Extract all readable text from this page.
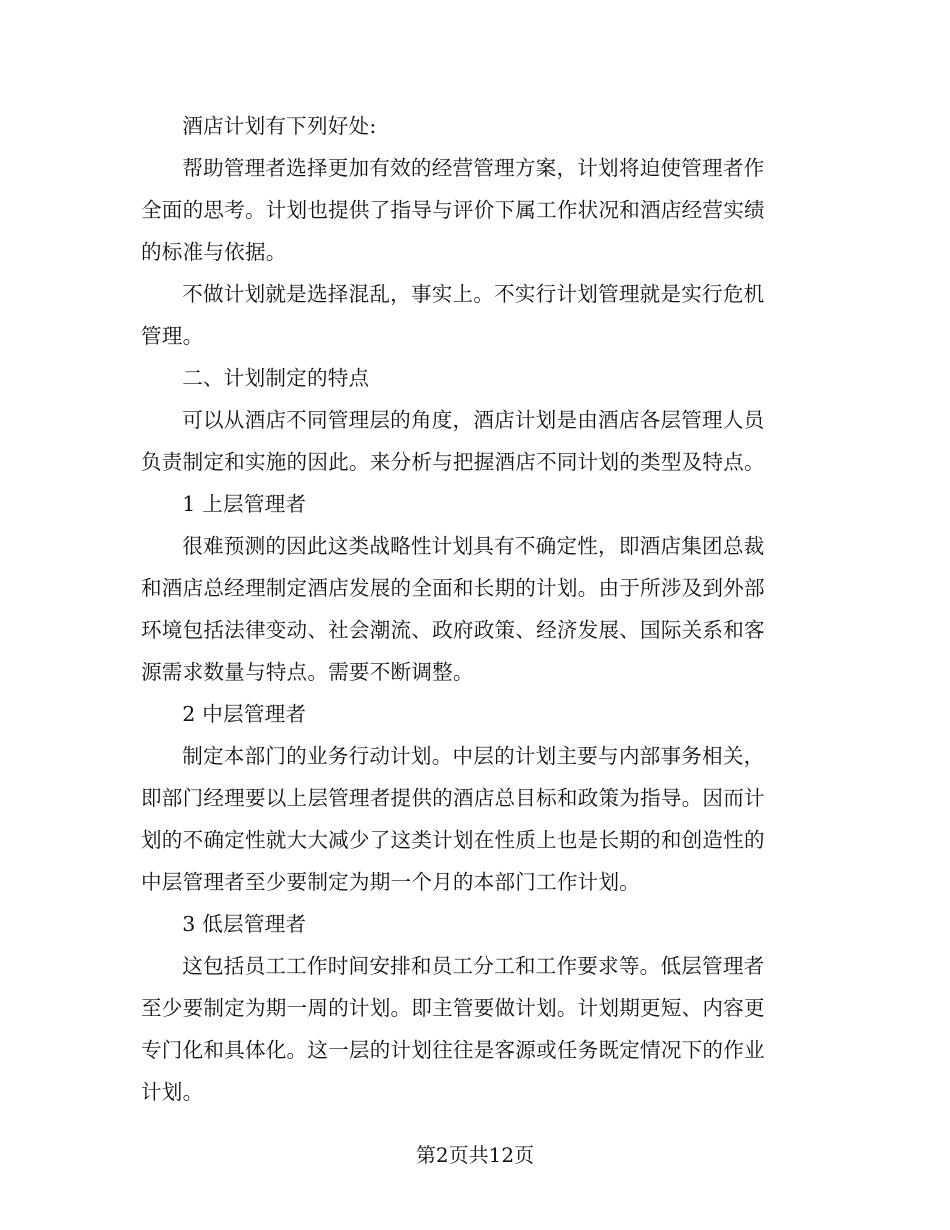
酒店计划有下列好处:

帮助管理者选择更加有效的经营管理方案，计划将迫使管理者作
全面的思考。计划也提供了指导与评价下属工作状况和酒店经营实绩
的标准与依据。

不做计划就是选择混乱，事实上。不实行计划管理就是实行危机
管理。

二、计划制定的特点

可以从酒店不同管理层的角度，酒店计划是由酒店各层管理人员
负责制定和实施的因此。来分析与把握酒店不同计划的类型及特点。

1 上层管理者

很难预测的因此这类战略性计划具有不确定性，即酒店集团总裁
和酒店总经理制定酒店发展的全面和长期的计划。由于所涉及到外部
环境包括法律变动、社会潮流、政府政策、经济发展、国际关系和客
源需求数量与特点。需要不断调整。

2 中层管理者

制定本部门的业务行动计划。中层的计划主要与内部事务相关，
即部门经理要以上层管理者提供的酒店总目标和政策为指导。因而计
划的不确定性就大大减少了这类计划在性质上也是长期的和创造性的
中层管理者至少要制定为期一个月的本部门工作计划。

3 低层管理者

这包括员工工作时间安排和员工分工和工作要求等。低层管理者
至少要制定为期一周的计划。即主管要做计划。计划期更短、内容更
专门化和具体化。这一层的计划往往是客源或任务既定情况下的作业
计划。

第2页共12页
